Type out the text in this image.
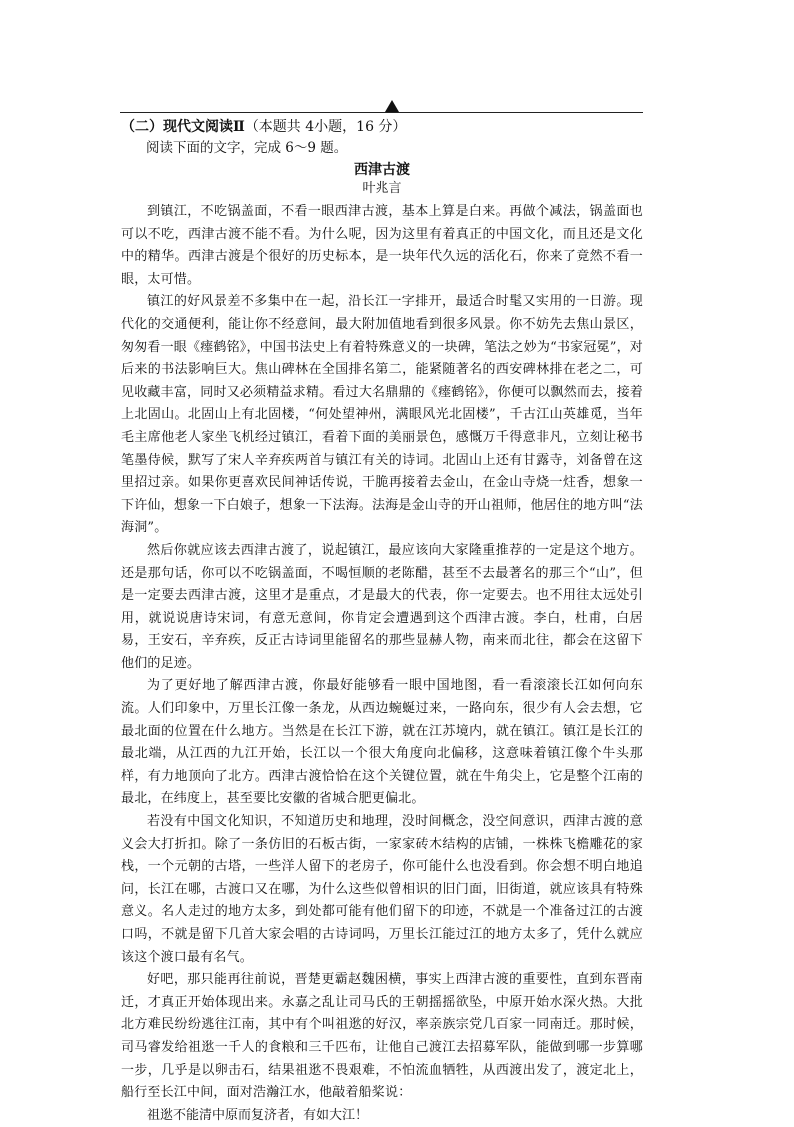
（二）现代文阅读Ⅱ（本题共 4小题，16 分）

阅读下面的文字，完成 6～9 题。

西津古渡

叶兆言

到镇江，不吃锅盖面，不看一眼西津古渡，基本上算是白来。再做个减法，锅盖面也可以不吃，西津古渡不能不看。为什么呢，因为这里有着真正的中国文化，而且还是文化中的精华。西津古渡是个很好的历史标本，是一块年代久远的活化石，你来了竟然不看一眼，太可惜。

镇江的好风景差不多集中在一起，沿长江一字排开，最适合时髦又实用的一日游。现代化的交通便利，能让你不经意间，最大附加值地看到很多风景。你不妨先去焦山景区，匆匆看一眼《瘗鹤铭》，中国书法史上有着特殊意义的一块碑，笔法之妙为“书家冠冕”，对后来的书法影响巨大。焦山碑林在全国排名第二，能紧随著名的西安碑林排在老之二，可见收藏丰富，同时又必须精益求精。看过大名鼎鼎的《瘗鹤铭》，你便可以飘然而去，接着上北固山。北固山上有北固楼，“何处望神州，满眼风光北固楼”，千古江山英雄觅，当年毛主席他老人家坐飞机经过镇江，看着下面的美丽景色，感慨万千得意非凡，立刻让秘书笔墨侍候，默写了宋人辛弃疾两首与镇江有关的诗词。北固山上还有甘露寺，刘备曾在这里招过亲。如果你更喜欢民间神话传说，干脆再接着去金山，在金山寺烧一炷香，想象一下许仙，想象一下白娘子，想象一下法海。法海是金山寺的开山祖师，他居住的地方叫“法海洞”。

然后你就应该去西津古渡了，说起镇江，最应该向大家隆重推荐的一定是这个地方。还是那句话，你可以不吃锅盖面，不喝恒顺的老陈醋，甚至不去最著名的那三个“山”，但是一定要去西津古渡，这里才是重点，才是最大的代表，你一定要去。也不用往太远处引用，就说说唐诗宋词，有意无意间，你肯定会遭遇到这个西津古渡。李白，杜甫，白居易，王安石，辛弃疾，反正古诗词里能留名的那些显赫人物，南来而北往，都会在这留下他们的足迹。

为了更好地了解西津古渡，你最好能够看一眼中国地图，看一看滚滚长江如何向东流。人们印象中，万里长江像一条龙，从西边蜿蜒过来，一路向东，很少有人会去想，它最北面的位置在什么地方。当然是在长江下游，就在江苏境内，就在镇江。镇江是长江的最北端，从江西的九江开始，长江以一个很大角度向北偏移，这意味着镇江像个牛头那样，有力地顶向了北方。西津古渡恰恰在这个关键位置，就在牛角尖上，它是整个江南的最北，在纬度上，甚至要比安徽的省城合肥更偏北。

若没有中国文化知识，不知道历史和地理，没时间概念，没空间意识，西津古渡的意义会大打折扣。除了一条仿旧的石板古街，一家家砖木结构的店铺，一株株飞檐雕花的家栈，一个元朝的古塔，一些洋人留下的老房子，你可能什么也没看到。你会想不明白地追问，长江在哪，古渡口又在哪，为什么这些似曾相识的旧门面，旧街道，就应该具有特殊意义。名人走过的地方太多，到处都可能有他们留下的印迹，不就是一个准备过江的古渡口吗，不就是留下几首大家会唱的古诗词吗，万里长江能过江的地方太多了，凭什么就应该这个渡口最有名气。

好吧，那只能再往前说，晋楚更霸赵魏困横，事实上西津古渡的重要性，直到东晋南迁，才真正开始体现出来。永嘉之乱让司马氏的王朝摇摇欲坠，中原开始水深火热。大批北方难民纷纷逃往江南，其中有个叫祖逖的好汉，率亲族宗党几百家一同南迁。那时候，司马睿发给祖逖一千人的食粮和三千匹布，让他自己渡江去招募军队，能做到哪一步算哪一步，几乎是以卵击石，结果祖逖不畏艰难，不怕流血牺牲，从西渡出发了，渡定北上，船行至长江中间，面对浩瀚江水，他敲着船桨说：

祖逖不能清中原而复济者，有如大江！
